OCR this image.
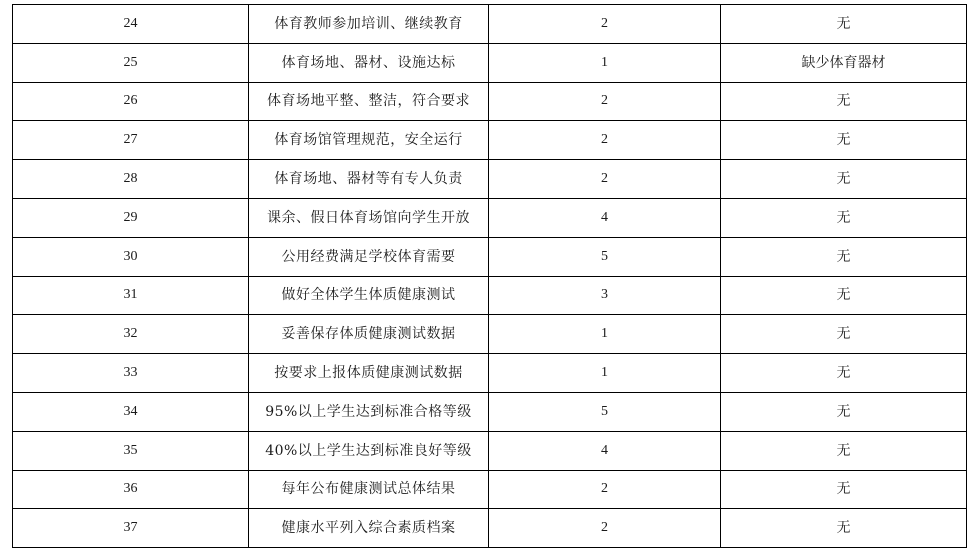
24	体育教师参加培训、继续教育	2	无
25	体育场地、器材、设施达标	1	缺少体育器材
26	体育场地平整、整洁，符合要求	2	无
27	体育场馆管理规范，安全运行	2	无
28	体育场地、器材等有专人负责	2	无
29	课余、假日体育场馆向学生开放	4	无
30	公用经费满足学校体育需要	5	无
31	做好全体学生体质健康测试	3	无
32	妥善保存体质健康测试数据	1	无
33	按要求上报体质健康测试数据	1	无
34	95%以上学生达到标准合格等级	5	无
35	40%以上学生达到标准良好等级	4	无
36	每年公布健康测试总体结果	2	无
37	健康水平列入综合素质档案	2	无
